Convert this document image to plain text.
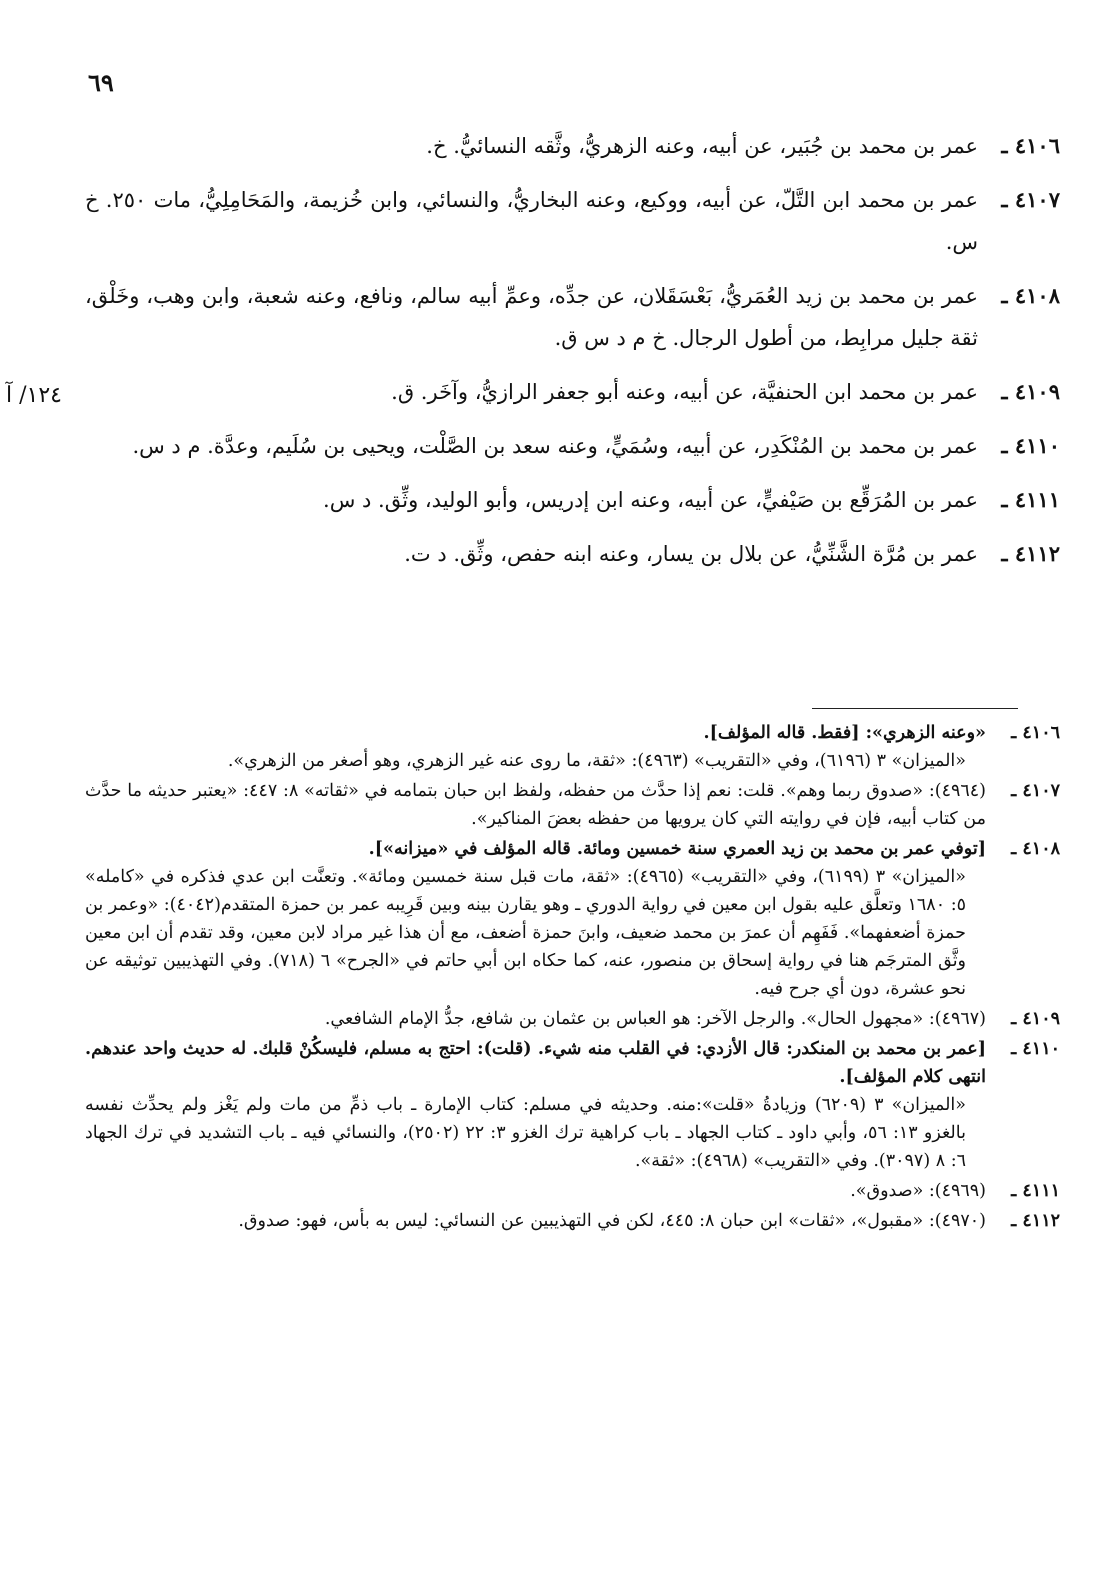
٦٩
١٢٤/ آ
٤١٠٦ ـ
عمر بن محمد بن جُبَير، عن أبيه، وعنه الزهريُّ، وثَّقه النسائيُّ. خ.
٤١٠٧ ـ
عمر بن محمد ابن التَّلّ، عن أبيه، ووكيع، وعنه البخاريُّ، والنسائي، وابن خُزيمة، والمَحَامِلِيُّ، مات ٢٥٠. خ س.
٤١٠٨ ـ
عمر بن محمد بن زيد العُمَريُّ، بَعْسَقَلان، عن جدِّه، وعمِّ أبيه سالم، ونافع، وعنه شعبة، وابن وهب، وخَلْق، ثقة جليل مرابِط، من أطول الرجال. خ م د س ق.
٤١٠٩ ـ
عمر بن محمد ابن الحنفيَّة، عن أبيه، وعنه أبو جعفر الرازيُّ، وآخَر. ق.
٤١١٠ ـ
عمر بن محمد بن المُنْكَدِر، عن أبيه، وسُمَيٍّ، وعنه سعد بن الصَّلْت، ويحيى بن سُلَيم، وعدَّة. م د س.
٤١١١ ـ
عمر بن المُرَقِّع بن صَيْفيٍّ، عن أبيه، وعنه ابن إدريس، وأبو الوليد، وثِّق. د س.
٤١١٢ ـ
عمر بن مُرَّة الشَّنِّيُّ، عن بلال بن يسار، وعنه ابنه حفص، وثِّق. د ت.
٤١٠٦ ـ
«وعنه الزهري»: [فقط. قاله المؤلف].
«الميزان» ٣ (٦١٩٦)، وفي «التقريب» (٤٩٦٣): «ثقة، ما روى عنه غير الزهري، وهو أصغر من الزهري».
٤١٠٧ ـ
(٤٩٦٤): «صدوق ربما وهم». قلت: نعم إذا حدَّث من حفظه، ولفظ ابن حبان بتمامه في «ثقاته» ٨: ٤٤٧: «يعتبر حديثه ما حدَّث من كتاب أبيه، فإن في روايته التي كان يرويها من حفظه بعضَ المناكير».
٤١٠٨ ـ
[توفي عمر بن محمد بن زيد العمري سنة خمسين ومائة. قاله المؤلف في «ميزانه»].
«الميزان» ٣ (٦١٩٩)، وفي «التقريب» (٤٩٦٥): «ثقة، مات قبل سنة خمسين ومائة». وتعنَّت ابن عدي فذكره في «كامله» ٥: ١٦٨٠ وتعلَّق عليه بقول ابن معين في رواية الدوري ـ وهو يقارن بينه وبين قَرِيبه عمر بن حمزة المتقدم(٤٠٤٢): «وعمر بن حمزة أضعفهما». فَفَهِم أن عمرَ بن محمد ضعيف، وابنَ حمزة أضعف، مع أن هذا غير مراد لابن معين، وقد تقدم أن ابن معين وثَّق المترجَم هنا في رواية إسحاق بن منصور، عنه، كما حكاه ابن أبي حاتم في «الجرح» ٦ (٧١٨). وفي التهذيبين توثيقه عن نحو عشرة، دون أي جرح فيه.
٤١٠٩ ـ
(٤٩٦٧): «مجهول الحال». والرجل الآخر: هو العباس بن عثمان بن شافع، جدُّ الإمام الشافعي.
٤١١٠ ـ
[عمر بن محمد بن المنكدر: قال الأزدي: في القلب منه شيء. (قلت): احتج به مسلم، فليسكُنْ قلبك. له حديث واحد عندهم. انتهى كلام المؤلف].
«الميزان» ٣ (٦٢٠٩) وزيادةُ «قلت»:منه. وحديثه في مسلم: كتاب الإمارة ـ باب ذمِّ من مات ولم يَغْز ولم يحدِّث نفسه بالغزو ١٣: ٥٦، وأبي داود ـ كتاب الجهاد ـ باب كراهية ترك الغزو ٣: ٢٢ (٢٥٠٢)، والنسائي فيه ـ باب التشديد في ترك الجهاد ٦: ٨ (٣٠٩٧). وفي «التقريب» (٤٩٦٨): «ثقة».
٤١١١ ـ
(٤٩٦٩): «صدوق».
٤١١٢ ـ
(٤٩٧٠): «مقبول»، «ثقات» ابن حبان ٨: ٤٤٥، لكن في التهذيبين عن النسائي: ليس به بأس، فهو: صدوق.
